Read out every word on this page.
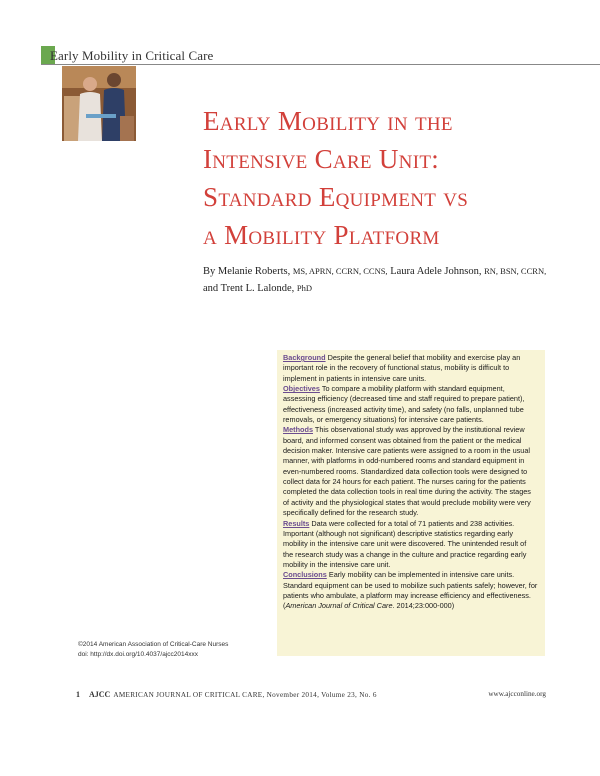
Early Mobility in Critical Care
Early Mobility in the
Intensive Care Unit:
Standard Equipment vs
a Mobility Platform
By Melanie Roberts, MS, APRN, CCRN, CCNS, Laura Adele Johnson, RN, BSN, CCRN,
and Trent L. Lalonde, PhD
Background Despite the general belief that mobility and exercise play an important role in the recovery of functional status, mobility is difficult to implement in patients in intensive care units.
Objectives To compare a mobility platform with standard equipment, assessing efficiency (decreased time and staff required to prepare patient), effectiveness (increased activity time), and safety (no falls, unplanned tube removals, or emergency situations) for intensive care patients.
Methods This observational study was approved by the institutional review board, and informed consent was obtained from the patient or the medical decision maker. Intensive care patients were assigned to a room in the usual manner, with platforms in odd-numbered rooms and standard equipment in even-numbered rooms. Standardized data collection tools were designed to collect data for 24 hours for each patient. The nurses caring for the patients completed the data collection tools in real time during the activity. The stages of activity and the physiological states that would preclude mobility were very specifically defined for the research study.
Results Data were collected for a total of 71 patients and 238 activities. Important (although not significant) descriptive statistics regarding early mobility in the intensive care unit were discovered. The unintended result of the research study was a change in the culture and practice regarding early mobility in the intensive care unit.
Conclusions Early mobility can be implemented in intensive care units. Standard equipment can be used to mobilize such patients safely; however, for patients who ambulate, a platform may increase efficiency and effectiveness. (American Journal of Critical Care. 2014;23:000-000)
©2014 American Association of Critical-Care Nurses
doi: http://dx.doi.org/10.4037/ajcc2014xxx
1 AJCC AMERICAN JOURNAL OF CRITICAL CARE, November 2014, Volume 23, No. 6	www.ajcconline.org
